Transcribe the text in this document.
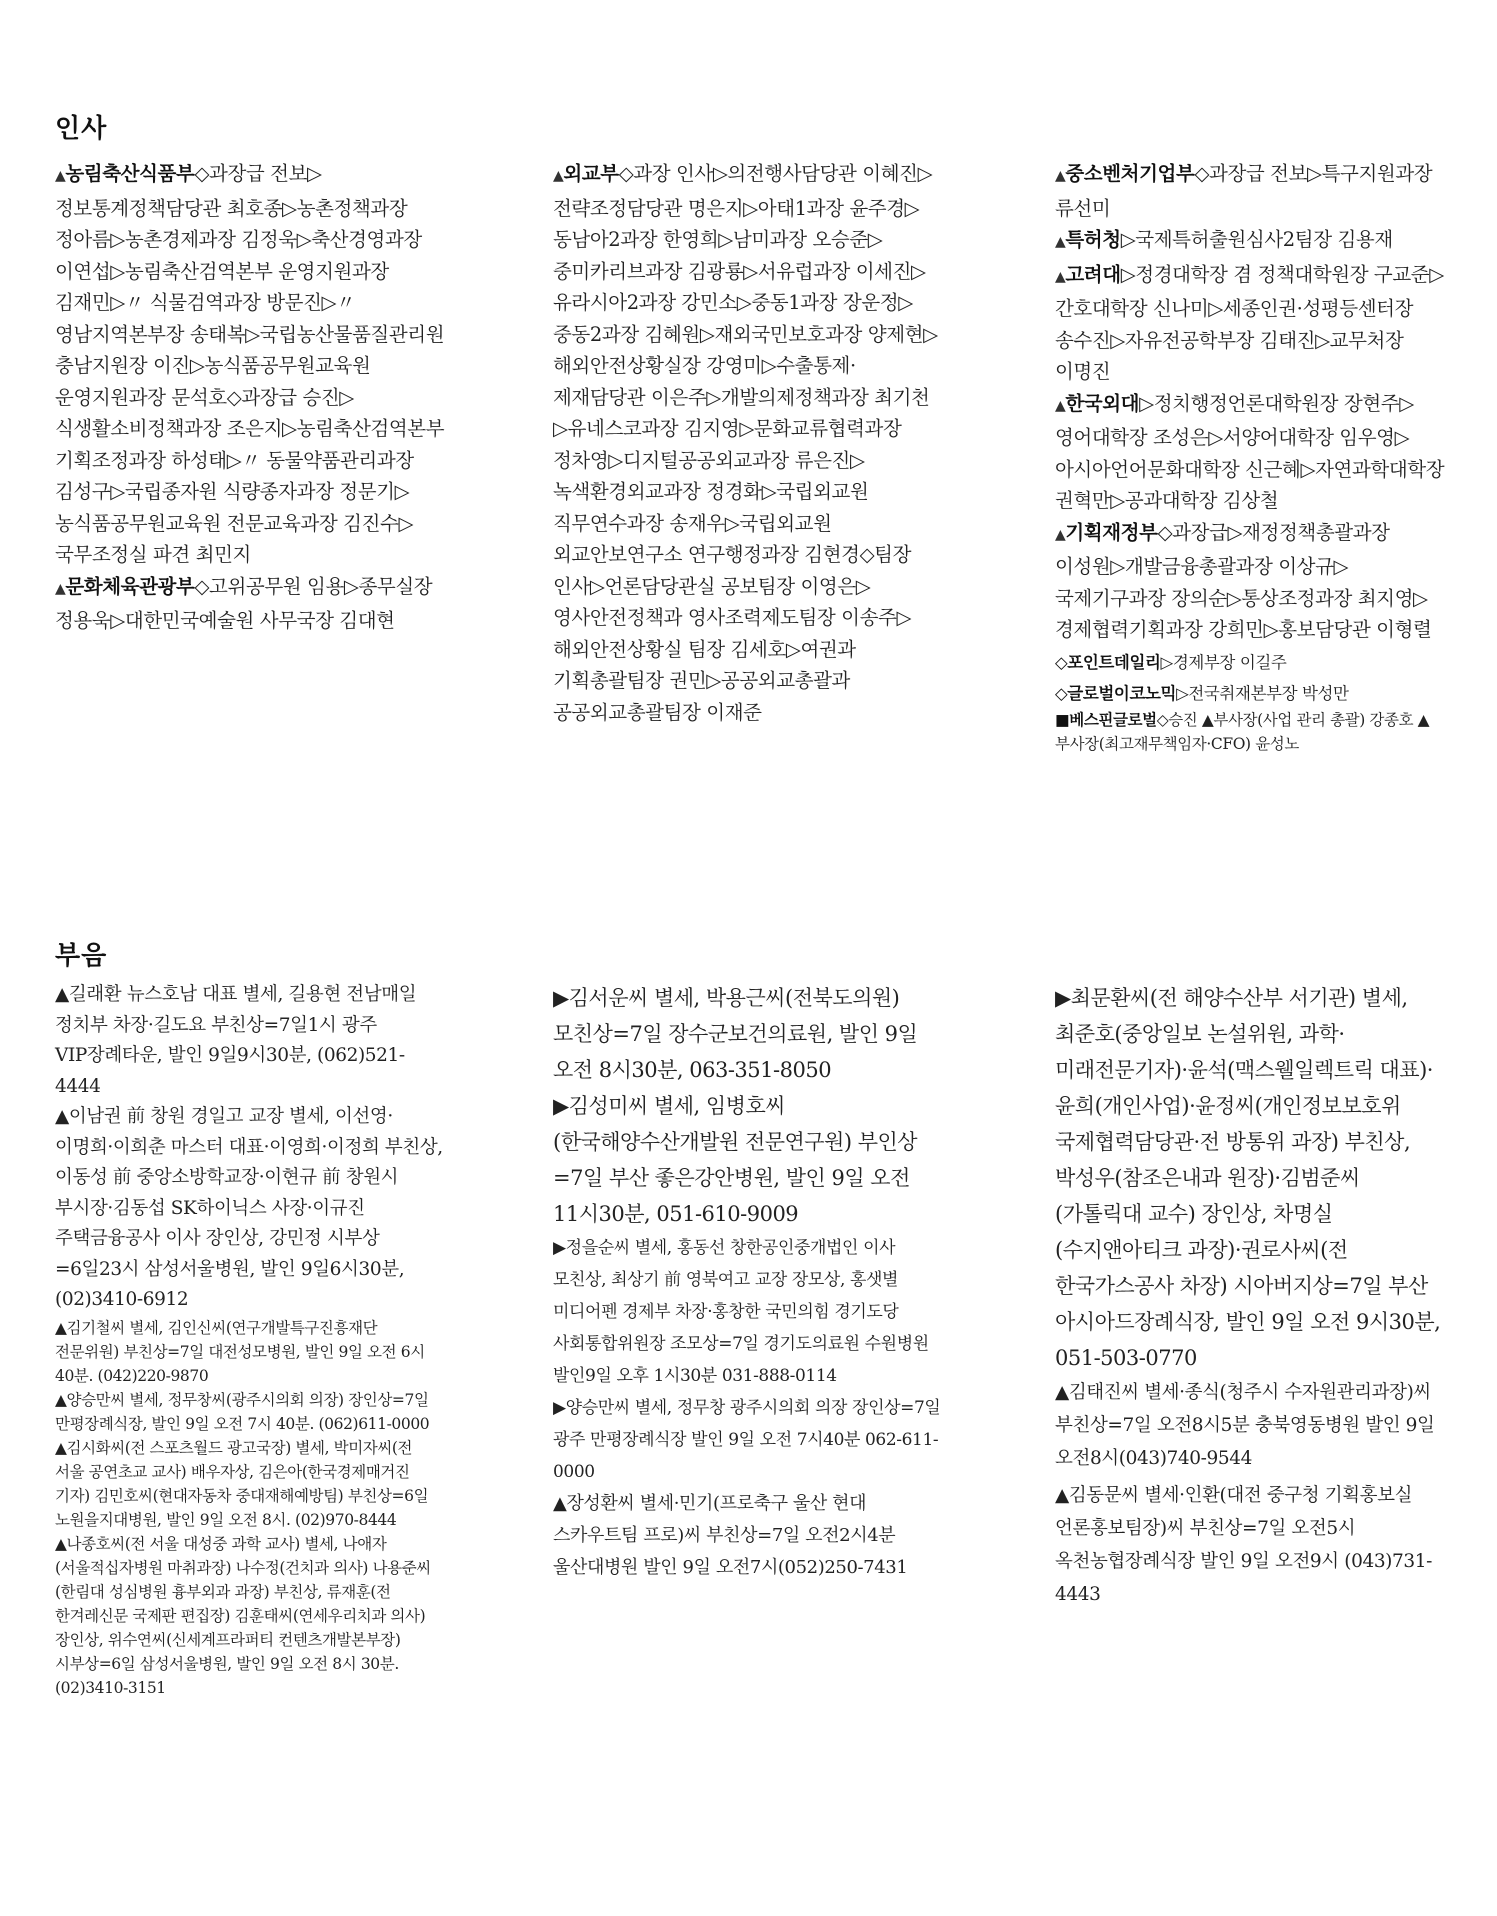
인사

▲농림축산식품부◇과장급 전보▷정보통계정책담당관 최호종▷농촌정책과장 정아름▷농촌경제과장 김정욱▷축산경영과장 이연섭▷농림축산검역본부 운영지원과장 김재민▷〃 식물검역과장 방문진▷〃 영남지역본부장 송태복▷국립농산물품질관리원 충남지원장 이진▷농식품공무원교육원 운영지원과장 문석호◇과장급 승진▷식생활소비정책과장 조은지▷농림축산검역본부 기획조정과장 하성태▷〃 동물약품관리과장 김성구▷국립종자원 식량종자과장 정문기▷농식품공무원교육원 전문교육과장 김진수▷국무조정실 파견 최민지

▲문화체육관광부◇고위공무원 임용▷종무실장 정용욱▷대한민국예술원 사무국장 김대현

▲외교부◇과장 인사▷의전행사담당관 이혜진▷전략조정담당관 명은지▷아태1과장 윤주경▷동남아2과장 한영희▷남미과장 오승준▷중미카리브과장 김광룡▷서유럽과장 이세진▷유라시아2과장 강민소▷중동1과장 장운정▷중동2과장 김혜원▷재외국민보호과장 양제현▷해외안전상황실장 강영미▷수출통제·제재담당관 이은주▷개발의제정책과장 최기천▷유네스코과장 김지영▷문화교류협력과장 정차영▷디지털공공외교과장 류은진▷녹색환경외교과장 정경화▷국립외교원 직무연수과장 송재우▷국립외교원 외교안보연구소 연구행정과장 김현경◇팀장 인사▷언론담당관실 공보팀장 이영은▷영사안전정책과 영사조력제도팀장 이송주▷해외안전상황실 팀장 김세호▷여권과 기획총괄팀장 권민▷공공외교총괄과 공공외교총괄팀장 이재준

▲중소벤처기업부◇과장급 전보▷특구지원과장 류선미

▲특허청▷국제특허출원심사2팀장 김용재

▲고려대▷정경대학장 겸 정책대학원장 구교준▷간호대학장 신나미▷세종인권·성평등센터장 송수진▷자유전공학부장 김태진▷교무처장 이명진

▲한국외대▷정치행정언론대학원장 장현주▷영어대학장 조성은▷서양어대학장 임우영▷아시아언어문화대학장 신근혜▷자연과학대학장 권혁만▷공과대학장 김상철

▲기획재정부◇과장급▷재정정책총괄과장 이성원▷개발금융총괄과장 이상규▷국제기구과장 장의순▷통상조정과장 최지영▷경제협력기획과장 강희민▷홍보담당관 이형렬

◇포인트데일리▷경제부장 이길주

◇글로벌이코노믹▷전국취재본부장 박성만

■베스핀글로벌◇승진 ▲부사장(사업 관리 총괄) 강종호 ▲부사장(최고재무책임자·CFO) 윤성노

부음

▲길래환 뉴스호남 대표 별세, 길용현 전남매일 정치부 차장·길도요 부친상=7일1시 광주 VIP장례타운, 발인 9일9시30분, (062)521-4444

▲이남권 前 창원 경일고 교장 별세, 이선영·이명희·이희춘 마스터 대표·이영희·이정희 부친상, 이동성 前 중앙소방학교장·이현규 前 창원시 부시장·김동섭 SK하이닉스 사장·이규진 주택금융공사 이사 장인상, 강민정 시부상=6일23시 삼성서울병원, 발인 9일6시30분, (02)3410-6912

▲김기철씨 별세, 김인신씨(연구개발특구진흥재단 전문위원) 부친상=7일 대전성모병원, 발인 9일 오전 6시 40분. (042)220-9870

▲양승만씨 별세, 정무창씨(광주시의회 의장) 장인상=7일 만평장례식장, 발인 9일 오전 7시 40분. (062)611-0000

▲김시화씨(전 스포츠월드 광고국장) 별세, 박미자씨(전 서울 공연초교 교사) 배우자상, 김은아(한국경제매거진 기자) 김민호씨(현대자동차 중대재해예방팀) 부친상=6일 노원을지대병원, 발인 9일 오전 8시. (02)970-8444

▲나종호씨(전 서울 대성중 과학 교사) 별세, 나애자(서울적십자병원 마취과장) 나수정(건치과 의사) 나용준씨(한림대 성심병원 흉부외과 과장) 부친상, 류재훈(전 한겨레신문 국제판 편집장) 김훈태씨(연세우리치과 의사) 장인상, 위수연씨(신세계프라퍼티 컨텐츠개발본부장) 시부상=6일 삼성서울병원, 발인 9일 오전 8시 30분. (02)3410-3151

▶김서운씨 별세, 박용근씨(전북도의원) 모친상=7일 장수군보건의료원, 발인 9일 오전 8시30분, 063-351-8050

▶김성미씨 별세, 임병호씨(한국해양수산개발원 전문연구원) 부인상=7일 부산 좋은강안병원, 발인 9일 오전 11시30분, 051-610-9009

▶정을순씨 별세, 홍동선 창한공인중개법인 이사 모친상, 최상기 前 영북여고 교장 장모상, 홍샛별 미디어펜 경제부 차장·홍창한 국민의힘 경기도당 사회통합위원장 조모상=7일 경기도의료원 수원병원 발인9일 오후 1시30분 031-888-0114

▶양승만씨 별세, 정무창 광주시의회 의장 장인상=7일 광주 만평장례식장 발인 9일 오전 7시40분 062-611-0000

▲장성환씨 별세·민기(프로축구 울산 현대 스카우트팀 프로)씨 부친상=7일 오전2시4분 울산대병원 발인 9일 오전7시(052)250-7431

▶최문환씨(전 해양수산부 서기관) 별세, 최준호(중앙일보 논설위원, 과학·미래전문기자)·윤석(맥스웰일렉트릭 대표)·윤희(개인사업)·윤정씨(개인정보보호위 국제협력담당관·전 방통위 과장) 부친상, 박성우(참조은내과 원장)·김범준씨(가톨릭대 교수) 장인상, 차명실(수지앤아티크 과장)·권로사씨(전 한국가스공사 차장) 시아버지상=7일 부산 아시아드장례식장, 발인 9일 오전 9시30분, 051-503-0770

▲김태진씨 별세·종식(청주시 수자원관리과장)씨 부친상=7일 오전8시5분 충북영동병원 발인 9일 오전8시(043)740-9544

▲김동문씨 별세·인환(대전 중구청 기획홍보실 언론홍보팀장)씨 부친상=7일 오전5시 옥천농협장례식장 발인 9일 오전9시 (043)731-4443
